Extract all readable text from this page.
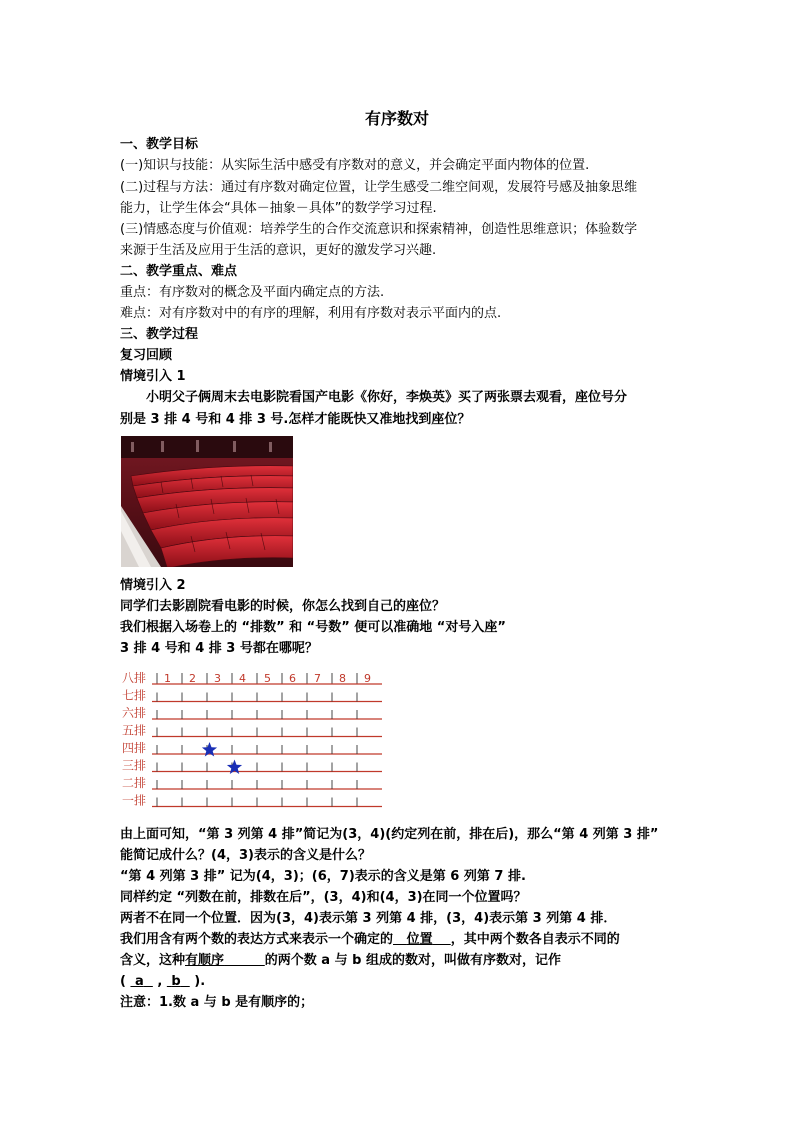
有序数对
一、教学目标
(一)知识与技能：从实际生活中感受有序数对的意义，并会确定平面内物体的位置.
(二)过程与方法：通过有序数对确定位置，让学生感受二维空间观，发展符号感及抽象思维
能力，让学生体会“具体－抽象－具体”的数学学习过程.
(三)情感态度与价值观：培养学生的合作交流意识和探索精神，创造性思维意识；体验数学
来源于生活及应用于生活的意识，更好的激发学习兴趣.
二、教学重点、难点
重点：有序数对的概念及平面内确定点的方法.
难点：对有序数对中的有序的理解，利用有序数对表示平面内的点.
三、教学过程
复习回顾
情境引入 1
小明父子俩周末去电影院看国产电影《你好，李焕英》买了两张票去观看，座位号分
别是 3 排 4 号和 4 排 3 号.怎样才能既快又准地找到座位？
情境引入 2
同学们去影剧院看电影的时候，你怎么找到自己的座位？
我们根据入场卷上的 “排数” 和 “号数” 便可以准确地 “对号入座”
3 排 4 号和 4 排 3 号都在哪呢？
八排 1 2 3 4 5 6 7 8 9
七排
六排
五排
四排
三排
二排
一排
由上面可知，“第 3 列第 4 排”简记为(3，4)(约定列在前，排在后)，那么“第 4 列第 3 排”
能简记成什么？(4，3)表示的含义是什么？
“第 4 列第 3 排” 记为(4，3)；(6，7)表示的含义是第 6 列第 7 排.
同样约定 “列数在前，排数在后”，(3，4)和(4，3)在同一个位置吗？
两者不在同一个位置．因为(3，4)表示第 3 列第 4 排，(3，4)表示第 3 列第 4 排．
我们用含有两个数的表达方式来表示一个确定的 位置 ，其中两个数各自表示不同的
含义，这种有顺序	的两个数 a 与 b 组成的数对，叫做有序数对，记作
(  a   ,  b   ).
注意：1.数 a 与 b 是有顺序的；
